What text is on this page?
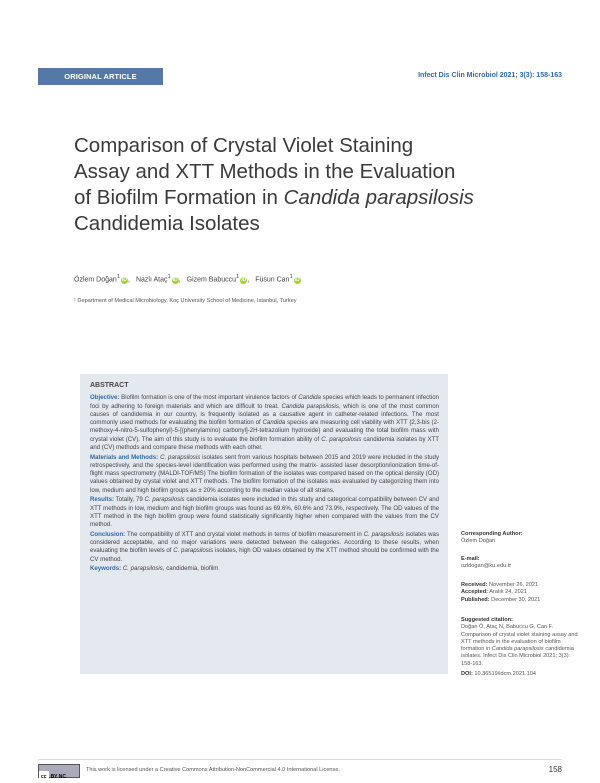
ORIGINAL ARTICLE	Infect Dis Clin Microbiol 2021; 3(3): 158-163
Comparison of Crystal Violet Staining
Assay and XTT Methods in the Evaluation
of Biofilm Formation in Candida parapsilosis
Candidemia Isolates
Özlem Doğan$^1$iD, Nazlı Ataç$^1$iD, Gizem Babuccu$^1$iD, Füsun Can$^1$iD
¹ Department of Medical Microbiology, Koç University School of Medicine, Istanbul, Turkey
ABSTRACT

Objective: Biofilm formation is one of the most important virulence factors of Candida species which leads to permanent infection foci by adhering to foreign materials and which are difficult to treat. Candida parapsilosis, which is one of the most common causes of candidemia in our country, is frequently isolated as a causative agent in catheter-related infections. The most commonly used methods for evaluating the biofilm formation of Candida species are measuring cell viability with XTT {2,3-bis (2-methoxy-4-nitro-5-sulfophenyl)-5-[(phenylamino) carbonyl]-2H-tetrazolium hydroxide} and evaluating the total biofilm mass with crystal violet (CV). The aim of this study is to evaluate the biofilm formation ability of C. parapsilosis candidemia isolates by XTT and (CV) methods and compare these methods with each other.

Materials and Methods: C. parapsilosis isolates sent from various hospitals between 2015 and 2019 were included in the study retrospectively, and the species-level identification was performed using the matrix- assisted laser desorption/ionization time-of-flight mass spectrometry (MALDI-TOF/MS) The biofilm formation of the isolates was compared based on the optical density (OD) values obtained by crystal violet and XTT methods. The biofilm formation of the isolates was evaluated by categorizing them into low, medium and high biofilm groups as ± 20% according to the median value of all strains.

Results: Totally, 79 C. parapsilosis candidemia isolates were included in this study and categorical compatibility between CV and XTT methods in low, medium and high biofilm groups was found as 69.6%, 60.6% and 73.9%, respectively. The OD values of the XTT method in the high biofilm group were found statistically significantly higher when compared with the values from the CV method.

Conclusion: The compatibility of XTT and crystal violet methods in terms of biofilm measurement in C. parapsilosis isolates was considered acceptable, and no major variations were detected between the categories. According to these results, when evaluating the biofilm levels of C. parapsilosis isolates, high OD values obtained by the XTT method should be confirmed with the CV method.

Keywords: C. parapsilosis, candidemia, biofilm

Corresponding Author:
Özlem Doğan
E-mail:
ozldogan@ku.edu.tr
Received: November 26, 2021
Accepted: Aralık 24, 2021
Published: December 30, 2021
Suggested citation:
Doğan Ö, Ataç N, Babuccu G, Can F. Comparison of crystal violet staining assay and XTT methods in the evaluation of biofilm formation in Candida parapsilosis candidemia isolates. Infect Dis Clin Microbiol 2021; 3(3): 158-163.
DOI: 10.36519/idcm.2021.104
cc BY NC
This work is licensed under a Creative Commons Attribution-NonCommercial 4.0 International License.	158
